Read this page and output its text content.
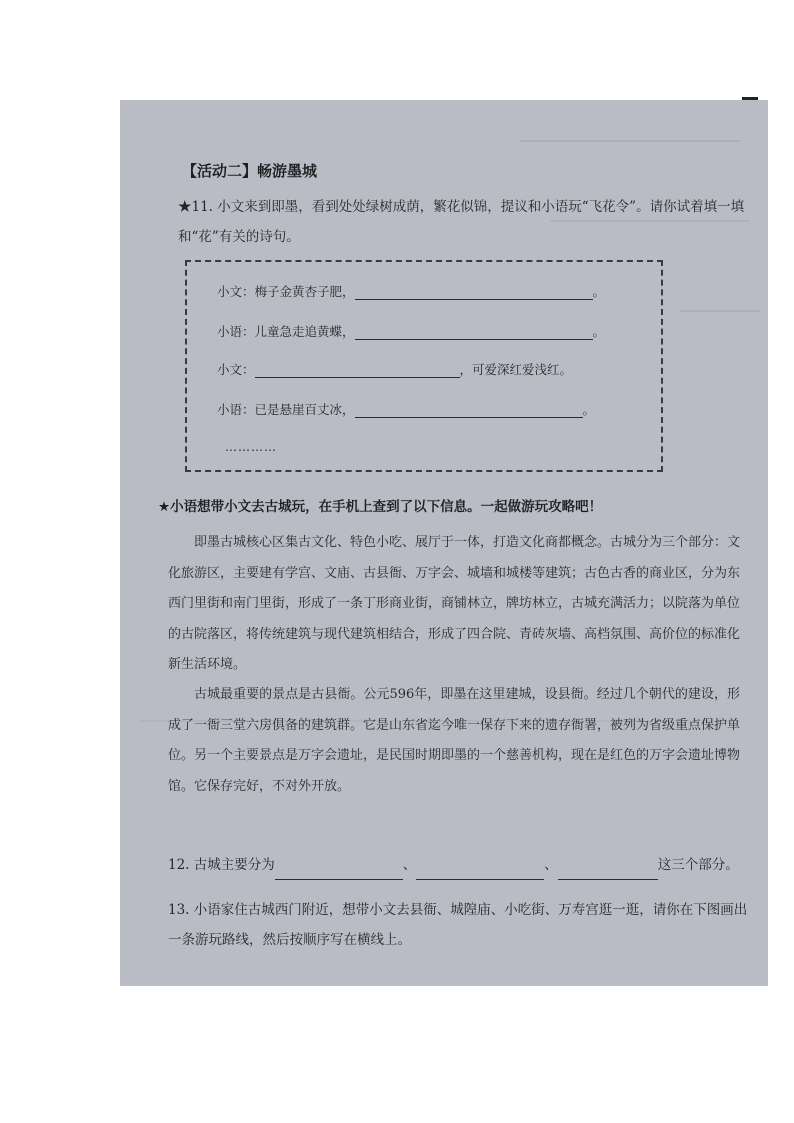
【活动二】畅游墨城
★11. 小文来到即墨，看到处处绿树成荫，繁花似锦，提议和小语玩“飞花令”。请你试着填一填和“花”有关的诗句。
小文：梅子金黄杏子肥，	。
小语：儿童急走追黄蝶，	。
小文：	，可爱深红爱浅红。
小语：已是悬崖百丈冰，	。
…………
★小语想带小文去古城玩，在手机上查到了以下信息。一起做游玩攻略吧！
即墨古城核心区集古文化、特色小吃、展厅于一体，打造文化商都概念。古城分为三个部分：文化旅游区，主要建有学宫、文庙、古县衙、万字会、城墙和城楼等建筑；古色古香的商业区，分为东西门里街和南门里街，形成了一条丁形商业街，商铺林立，牌坊林立，古城充满活力；以院落为单位的古院落区，将传统建筑与现代建筑相结合，形成了四合院、青砖灰墙、高档氛围、高价位的标准化新生活环境。
古城最重要的景点是古县衙。公元596年，即墨在这里建城，设县衙。经过几个朝代的建设，形成了一衙三堂六房俱备的建筑群。它是山东省迄今唯一保存下来的遗存衙署，被列为省级重点保护单位。另一个主要景点是万字会遗址，是民国时期即墨的一个慈善机构，现在是红色的万字会遗址博物馆。它保存完好，不对外开放。
12. 古城主要分为	、	、	这三个部分。
13. 小语家住古城西门附近，想带小文去县衙、城隍庙、小吃街、万寿宫逛一逛，请你在下图画出一条游玩路线，然后按顺序写在横线上。
